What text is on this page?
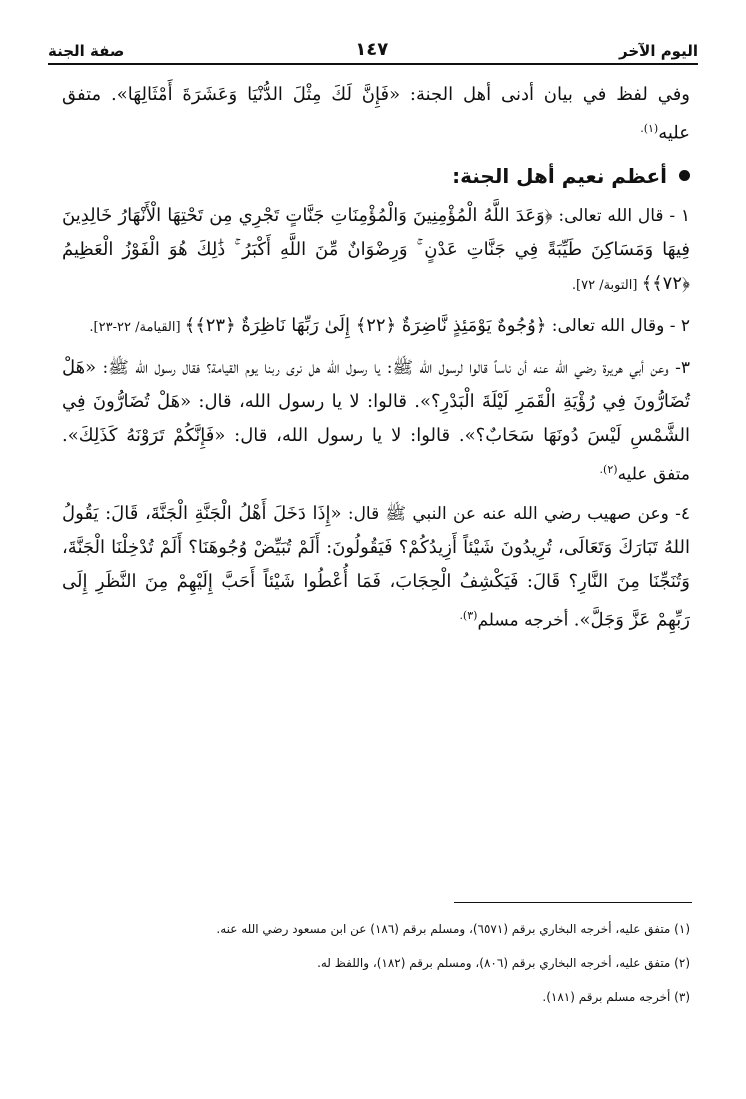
صفة الجنة	١٤٧	اليوم الآخر

وفي لفظ في بيان أدنى أهل الجنة: «فَإِنَّ لَكَ مِثْلَ الدُّنْيَا وَعَشَرَةَ أَمْثَالِهَا». متفق عليه$^{(١).}$

أعظم نعيم أهل الجنة:

١ - قال الله تعالى: ﴿وَعَدَ اللَّهُ الْمُؤْمِنِينَ وَالْمُؤْمِنَاتِ جَنَّاتٍ تَجْرِي مِن تَحْتِهَا الْأَنْهَارُ خَالِدِينَ فِيهَا وَمَسَاكِنَ طَيِّبَةً فِي جَنَّاتِ عَدْنٍ ۚ وَرِضْوَانٌ مِّنَ اللَّهِ أَكْبَرُ ۚ ذَٰلِكَ هُوَ الْفَوْزُ الْعَظِيمُ ﴿٧٢﴾﴾ [التوبة/ ٧٢].

٢ - وقال الله تعالى: ﴿وُجُوهٌ يَوْمَئِذٍ نَّاضِرَةٌ ﴿٢٢﴾ إِلَىٰ رَبِّهَا نَاظِرَةٌ ﴿٢٣﴾﴾ [القيامة/ ٢٢-٢٣].

٣- وعن أبي هريرة رضي الله عنه أن ناساً قالوا لرسول الله ﷺ: يا رسول الله هل نرى ربنا يوم القيامة؟ فقال رسول الله ﷺ: «هَلْ تُضَارُّونَ فِي رُؤْيَةِ الْقَمَرِ لَيْلَةَ الْبَدْرِ؟». قالوا: لا يا رسول الله، قال: «هَلْ تُضَارُّونَ فِي الشَّمْسِ لَيْسَ دُونَهَا سَحَابٌ؟». قالوا: لا يا رسول الله، قال: «فَإِنَّكُمْ تَرَوْنَهُ كَذَلِكَ». متفق عليه$^{(٢).}$

٤- وعن صهيب رضي الله عنه عن النبي ﷺ قال: «إِذَا دَخَلَ أَهْلُ الْجَنَّةِ الْجَنَّةَ، قَالَ: يَقُولُ اللهُ تَبَارَكَ وَتَعَالَى، تُرِيدُونَ شَيْئاً أَزِيدُكُمْ؟ فَيَقُولُونَ: أَلَمْ تُبَيِّضْ وُجُوهَنَا؟ أَلَمْ تُدْخِلْنَا الْجَنَّةَ، وَتُنَجِّنَا مِنَ النَّارِ؟ قَالَ: فَيَكْشِفُ الْحِجَابَ، فَمَا أُعْطُوا شَيْئاً أَحَبَّ إِلَيْهِمْ مِنَ النَّظَرِ إِلَى رَبِّهِمْ عَزَّ وَجَلَّ». أخرجه مسلم$^{(٣).}$

(١) متفق عليه، أخرجه البخاري برقم (٦٥٧١)، ومسلم برقم (١٨٦) عن ابن مسعود رضي الله عنه.

(٢) متفق عليه، أخرجه البخاري برقم (٨٠٦)، ومسلم برقم (١٨٢)، واللفظ له.

(٣) أخرجه مسلم برقم (١٨١).
